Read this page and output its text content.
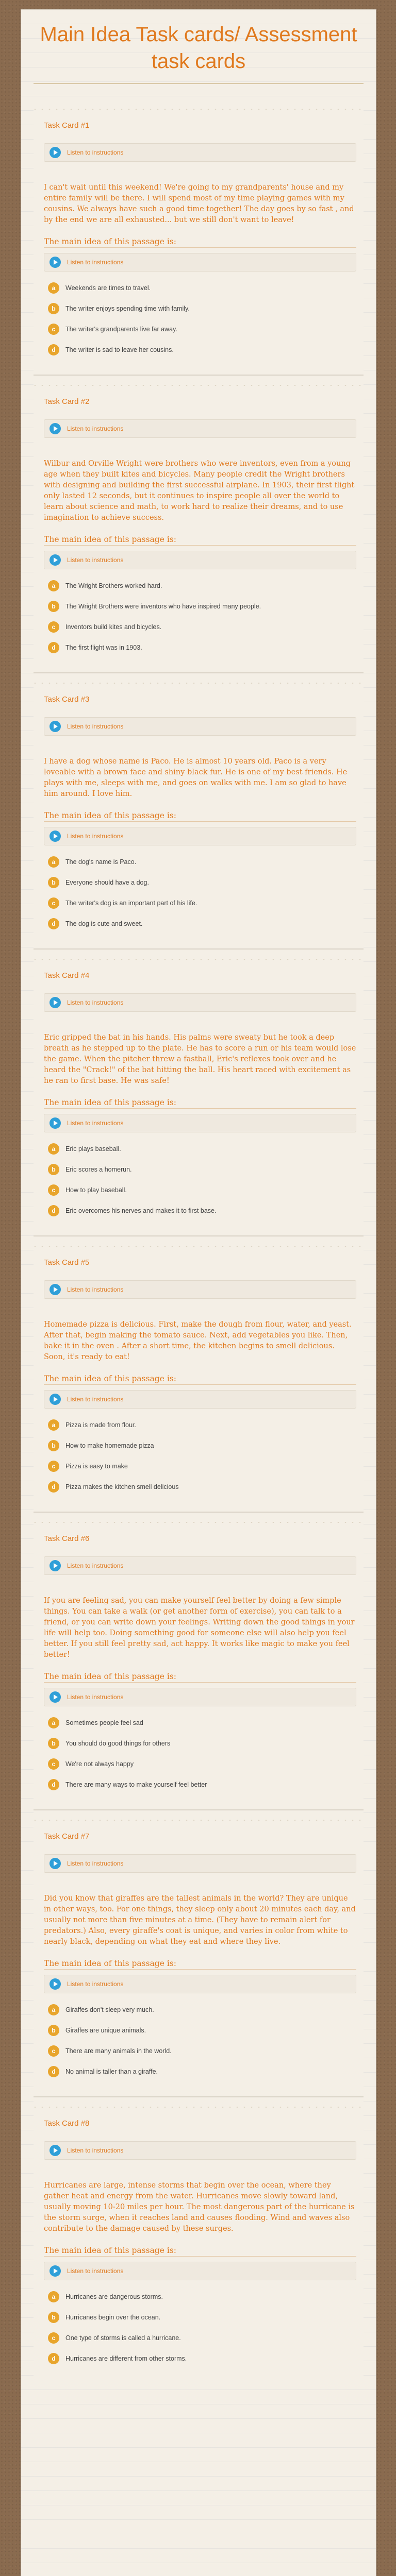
Main Idea Task cards/ Assessment task cards
Task Card #1
Listen to instructions
I can't wait until this weekend! We're going to my grandparents' house and my entire family will be there. I will spend most of my time playing games with my cousins. We always have such a good time together! The day goes by so fast , and by the end we are all exhausted... but we still don't want to leave!
The main idea of this passage is:
Listen to instructions
a	Weekends are times to travel.
b	The writer enjoys spending time with family.
c	The writer's grandparents live far away.
d	The writer is sad to leave her cousins.
Task Card #2
Listen to instructions
Wilbur and Orville Wright were brothers who were inventors, even from a young age when they built kites and bicycles. Many people credit the Wright brothers with designing and building the first successful airplane. In 1903, their first flight only lasted 12 seconds, but it continues to inspire people all over the world to learn about science and math, to work hard to realize their dreams, and to use imagination to achieve success.
The main idea of this passage is:
Listen to instructions
a	The Wright Brothers worked hard.
b	The Wright Brothers were inventors who have inspired many people.
c	Inventors build kites and bicycles.
d	The first flight was in 1903.
Task Card #3
Listen to instructions
I have a dog whose name is Paco. He is almost 10 years old. Paco is a very loveable with a brown face and shiny black fur. He is one of my best friends. He plays with me, sleeps with me, and goes on walks with me. I am so glad to have him around. I love him.
The main idea of this passage is:
Listen to instructions
a	The dog's name is Paco.
b	Everyone should have a dog.
c	The writer's dog is an important part of his life.
d	The dog is cute and sweet.
Task Card #4
Listen to instructions
Eric gripped the bat in his hands. His palms were sweaty but he took a deep breath as he stepped up to the plate. He has to score a run or his team would lose the game. When the pitcher threw a fastball, Eric's reflexes took over and he heard the "Crack!" of the bat hitting the ball. His heart raced with excitement as he ran to first base. He was safe!
The main idea of this passage is:
Listen to instructions
a	Eric plays baseball.
b	Eric scores a homerun.
c	How to play baseball.
d	Eric overcomes his nerves and makes it to first base.
Task Card #5
Listen to instructions
Homemade pizza is delicious. First, make the dough from flour, water, and yeast. After that, begin making the tomato sauce. Next, add vegetables you like. Then, bake it in the oven . After a short time, the kitchen begins to smell delicious. Soon, it's ready to eat!
The main idea of this passage is:
Listen to instructions
a	Pizza is made from flour.
b	How to make homemade pizza
c	Pizza is easy to make
d	Pizza makes the kitchen smell delicious
Task Card #6
Listen to instructions
If you are feeling sad, you can make yourself feel better by doing a few simple things. You can take a walk (or get another form of exercise), you can talk to a friend, or you can write down your feelings. Writing down the good things in your life will help too. Doing something good for someone else will also help you feel better. If you still feel pretty sad, act happy. It works like magic to make you feel better!
The main idea of this passage is:
Listen to instructions
a	Sometimes people feel sad
b	You should do good things for others
c	We're not always happy
d	There are many ways to make yourself feel better
Task Card #7
Listen to instructions
Did you know that giraffes are the tallest animals in the world? They are unique in other ways, too. For one things, they sleep only about 20 minutes each day, and usually not more than five minutes at a time. (They have to remain alert for predators.) Also, every giraffe's coat is unique, and varies in color from white to nearly black, depending on what they eat and where they live.
The main idea of this passage is:
Listen to instructions
a	Giraffes don't sleep very much.
b	Giraffes are unique animals.
c	There are many animals in the world.
d	No animal is taller than a giraffe.
Task Card #8
Listen to instructions
Hurricanes are large, intense storms that begin over the ocean, where they gather heat and energy from the water. Hurricanes move slowly toward land, usually moving 10-20 miles per hour. The most dangerous part of the hurricane is the storm surge, when it reaches land and causes flooding. Wind and waves also contribute to the damage caused by these surges.
The main idea of this passage is:
Listen to instructions
a	Hurricanes are dangerous storms.
b	Hurricanes begin over the ocean.
c	One type of storms is called a hurricane.
d	Hurricanes are different from other storms.
